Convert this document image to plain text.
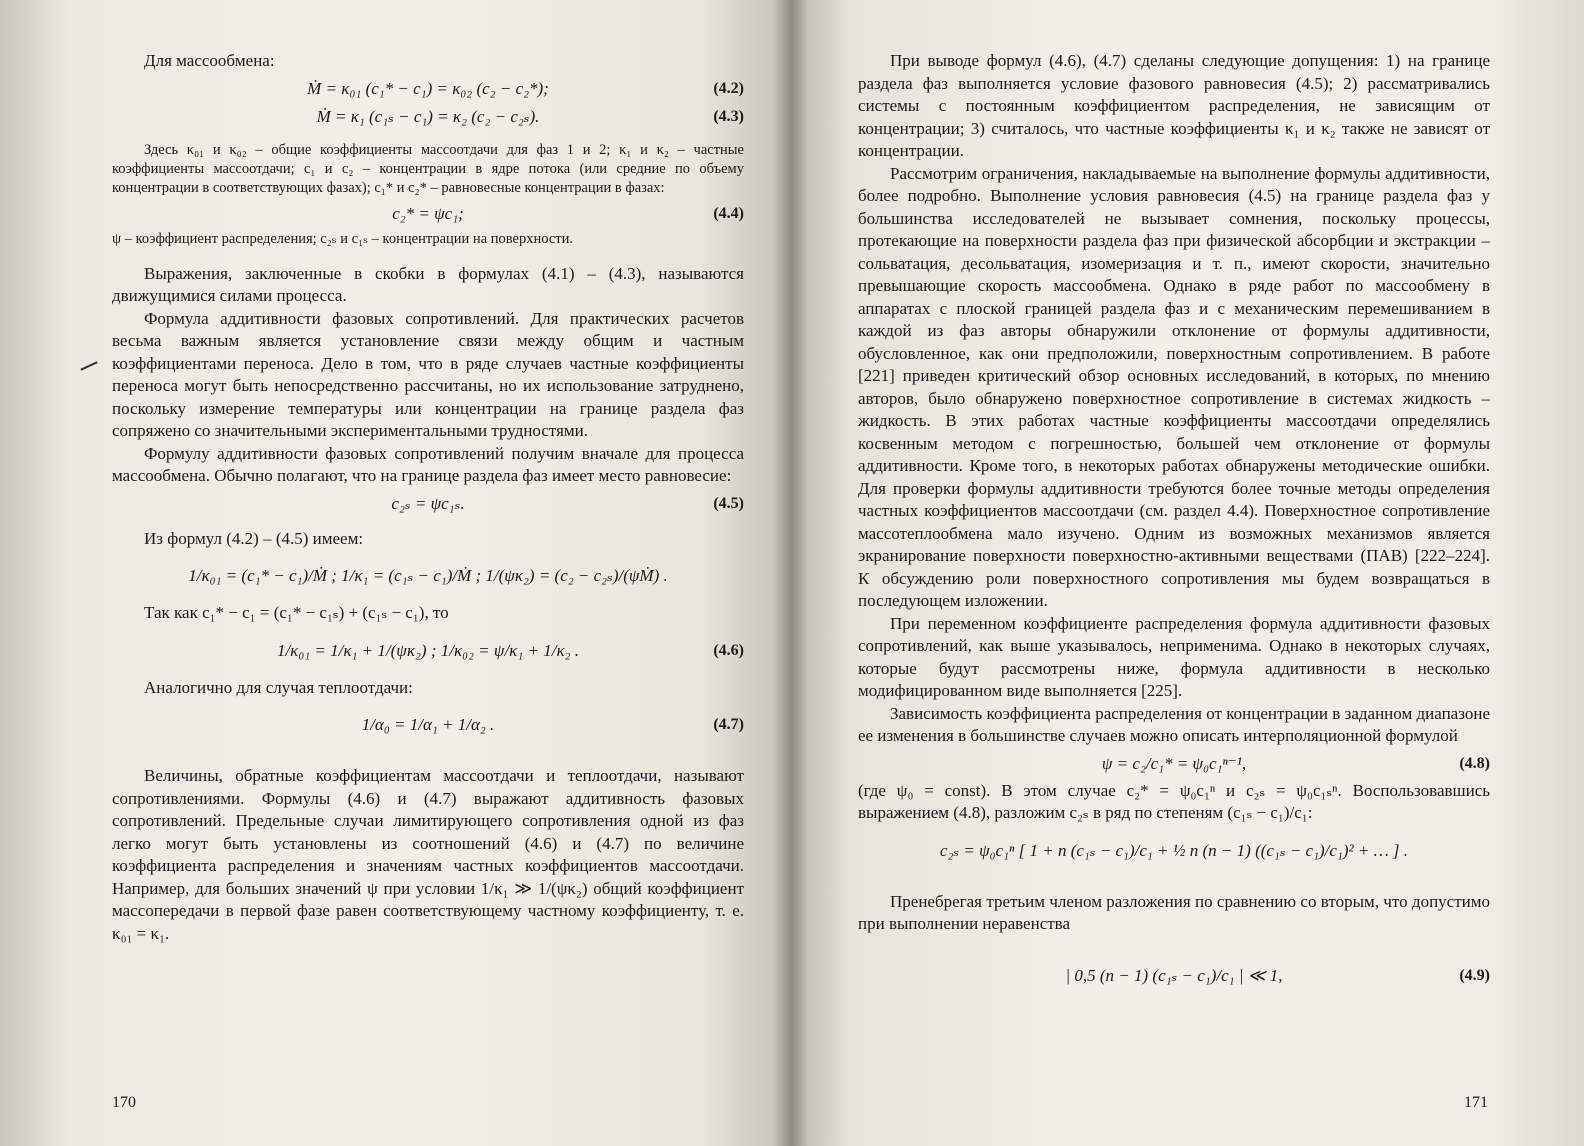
Для массообмена:

Ṁ = κ₀₁ (c₁* − c₁) = κ₀₂ (c₂ − c₂*);	(4.2)
Ṁ = κ₁ (c₁ₛ − c₁) = κ₂ (c₂ − c₂ₛ).	(4.3)

Здесь κ₀₁ и κ₀₂ – общие коэффициенты массоотдачи для фаз 1 и 2; κ₁ и κ₂ – частные коэффициенты массоотдачи; c₁ и c₂ – концентрации в ядре потока (или средние по объему концентрации в соответствующих фазах); c₁* и c₂* – равновесные концентрации в фазах:

c₂* = ψc₁;	(4.4)

ψ – коэффициент распределения; c₂ₛ и c₁ₛ – концентрации на поверхности.

Выражения, заключенные в скобки в формулах (4.1) – (4.3), называются движущимися силами процесса.

Формула аддитивности фазовых сопротивлений. Для практических расчетов весьма важным является установление связи между общим и частным коэффициентами переноса. Дело в том, что в ряде случаев частные коэффициенты переноса могут быть непосредственно рассчитаны, но их использование затруднено, поскольку измерение температуры или концентрации на границе раздела фаз сопряжено со значительными экспериментальными трудностями.

Формулу аддитивности фазовых сопротивлений получим вначале для процесса массообмена. Обычно полагают, что на границе раздела фаз имеет место равновесие:

c₂ₛ = ψc₁ₛ.	(4.5)

Из формул (4.2) – (4.5) имеем:

1/κ₀₁ = (c₁* − c₁)/Ṁ ; 1/κ₁ = (c₁ₛ − c₁)/Ṁ ; 1/(ψκ₂) = (c₂ − c₂ₛ)/(ψṀ) .

Так как c₁* − c₁ = (c₁* − c₁ₛ) + (c₁ₛ − c₁), то

1/κ₀₁ = 1/κ₁ + 1/(ψκ₂) ; 1/κ₀₂ = ψ/κ₁ + 1/κ₂ .	(4.6)

Аналогично для случая теплоотдачи:

1/α₀ = 1/α₁ + 1/α₂ .	(4.7)

Величины, обратные коэффициентам массоотдачи и теплоотдачи, называют сопротивлениями. Формулы (4.6) и (4.7) выражают аддитивность фазовых сопротивлений. Предельные случаи лимитирующего сопротивления одной из фаз легко могут быть установлены из соотношений (4.6) и (4.7) по величине коэффициента распределения и значениям частных коэффициентов массоотдачи. Например, для больших значений ψ при условии 1/κ₁ ≫ 1/(ψκ₂) общий коэффициент массопередачи в первой фазе равен соответствующему частному коэффициенту, т. е. κ₀₁ = κ₁.

170

При выводе формул (4.6), (4.7) сделаны следующие допущения: 1) на границе раздела фаз выполняется условие фазового равновесия (4.5); 2) рассматривались системы с постоянным коэффициентом распределения, не зависящим от концентрации; 3) считалось, что частные коэффициенты κ₁ и κ₂ также не зависят от концентрации.

Рассмотрим ограничения, накладываемые на выполнение формулы аддитивности, более подробно. Выполнение условия равновесия (4.5) на границе раздела фаз у большинства исследователей не вызывает сомнения, поскольку процессы, протекающие на поверхности раздела фаз при физической абсорбции и экстракции – сольватация, десольватация, изомеризация и т. п., имеют скорости, значительно превышающие скорость массообмена. Однако в ряде работ по массообмену в аппаратах с плоской границей раздела фаз и с механическим перемешиванием в каждой из фаз авторы обнаружили отклонение от формулы аддитивности, обусловленное, как они предположили, поверхностным сопротивлением. В работе [221] приведен критический обзор основных исследований, в которых, по мнению авторов, было обнаружено поверхностное сопротивление в системах жидкость – жидкость. В этих работах частные коэффициенты массоотдачи определялись косвенным методом с погрешностью, большей чем отклонение от формулы аддитивности. Кроме того, в некоторых работах обнаружены методические ошибки. Для проверки формулы аддитивности требуются более точные методы определения частных коэффициентов массоотдачи (см. раздел 4.4). Поверхностное сопротивление массотеплообмена мало изучено. Одним из возможных механизмов является экранирование поверхности поверхностно-активными веществами (ПАВ) [222–224]. К обсуждению роли поверхностного сопротивления мы будем возвращаться в последующем изложении.

При переменном коэффициенте распределения формула аддитивности фазовых сопротивлений, как выше указывалось, неприменима. Однако в некоторых случаях, которые будут рассмотрены ниже, формула аддитивности в несколько модифицированном виде выполняется [225].

Зависимость коэффициента распределения от концентрации в заданном диапазоне ее изменения в большинстве случаев можно описать интерполяционной формулой

ψ = c₂/c₁* = ψ₀c₁ⁿ⁻¹,	(4.8)

(где ψ₀ = const). В этом случае c₂* = ψ₀c₁ⁿ и c₂ₛ = ψ₀c₁ₛⁿ. Воспользовавшись выражением (4.8), разложим c₂ₛ в ряд по степеням (c₁ₛ − c₁)/c₁:

c₂ₛ = ψ₀c₁ⁿ [ 1 + n (c₁ₛ − c₁)/c₁ + ½ n (n − 1) ((c₁ₛ − c₁)/c₁)² + … ] .

Пренебрегая третьим членом разложения по сравнению со вторым, что допустимо при выполнении неравенства

| 0,5 (n − 1) (c₁ₛ − c₁)/c₁ | ≪ 1,	(4.9)
171
